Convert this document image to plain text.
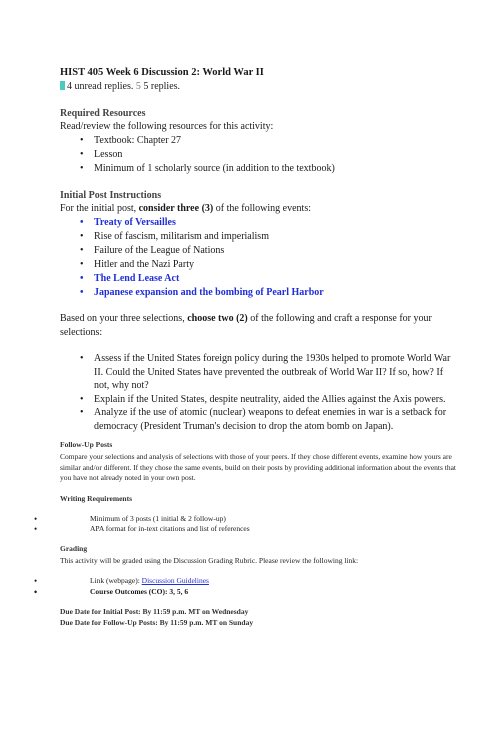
HIST 405 Week 6 Discussion 2: World War II
4 unread replies. 5 5 replies.
Required Resources

Read/review the following resources for this activity:

• Textbook: Chapter 27
• Lesson
• Minimum of 1 scholarly source (in addition to the textbook)
Initial Post Instructions

For the initial post, consider three (3) of the following events:

• Treaty of Versailles
• Rise of fascism, militarism and imperialism
• Failure of the League of Nations
• Hitler and the Nazi Party
• The Lend Lease Act
• Japanese expansion and the bombing of Pearl Harbor

Based on your three selections, choose two (2) of the following and craft a response for your selections:

• Assess if the United States foreign policy during the 1930s helped to promote World War II. Could the United States have prevented the outbreak of World War II? If so, how? If not, why not?
• Explain if the United States, despite neutrality, aided the Allies against the Axis powers.
• Analyze if the use of atomic (nuclear) weapons to defeat enemies in war is a setback for democracy (President Truman's decision to drop the atom bomb on Japan).
Follow-Up Posts

Compare your selections and analysis of selections with those of your peers. If they chose different events, examine how yours are similar and/or different. If they chose the same events, build on their posts by providing additional information about the events that you have not already noted in your own post.

Writing Requirements
• Minimum of 3 posts (1 initial & 2 follow-up)
• APA format for in-text citations and list of references
Grading

This activity will be graded using the Discussion Grading Rubric. Please review the following link:

• Link (webpage): Discussion Guidelines
• Course Outcomes (CO): 3, 5, 6

Due Date for Initial Post: By 11:59 p.m. MT on Wednesday

Due Date for Follow-Up Posts: By 11:59 p.m. MT on Sunday
